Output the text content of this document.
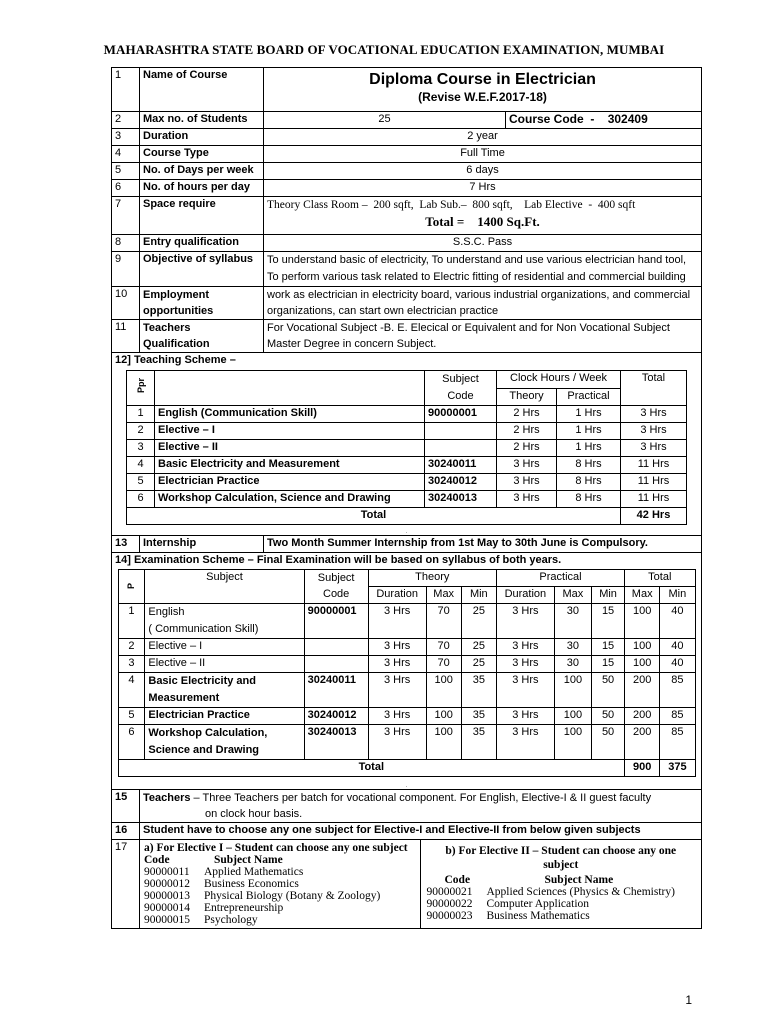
MAHARASHTRA STATE BOARD OF VOCATIONAL EDUCATION EXAMINATION, MUMBAI
1	Name of Course	Diploma Course in Electrician
(Revise W.E.F.2017-18)

2	Max no. of Students	25	Course Code - 302409
3	Duration	2 year
4	Course Type	Full Time
5	No. of Days per week	6 days
6	No. of hours per day	7 Hrs
7	Space require	Theory Class Room –  200 sqft,  Lab Sub.–  800 sqft,    Lab Elective  -  400 sqft
Total =    1400 Sq.Ft.

8	Entry qualification	S.S.C. Pass
9	Objective of syllabus	To understand basic of electricity, To understand and use various electrician hand tool, To perform various task related to Electric fitting of residential and commercial building
10	Employment opportunities	work as electrician in electricity board, various industrial organizations, and commercial organizations, can start own electrician practice
11	Teachers Qualification	For Vocational Subject -B. E. Elecical or Equivalent and for Non Vocational Subject Master Degree in concern Subject.
12] Teaching Scheme –
Ppr		Subject Code	Clock Hours / Week	Total
Theory	Practical
1	English (Communication Skill)	90000001	2 Hrs	1 Hrs	3 Hrs
2	Elective – I		2 Hrs	1 Hrs	3 Hrs
3	Elective – II		2 Hrs	1 Hrs	3 Hrs
4	Basic Electricity and Measurement	30240011	3 Hrs	8 Hrs	11 Hrs
5	Electrician Practice	30240012	3 Hrs	8 Hrs	11 Hrs
6	Workshop Calculation, Science and Drawing	30240013	3 Hrs	8 Hrs	11 Hrs
Total	42 Hrs
.

13	Internship	Two Month Summer Internship from 1st May to 30th June is Compulsory.
14] Examination Scheme – Final Examination will be based on syllabus of both years.
P	Subject	Subject Code	Theory	Practical	Total
Duration	Max	Min	Duration	Max	Min	Max	Min
1	English
( Communication Skill)
	90000001	3 Hrs	70	25	3 Hrs	30	15	100	40
2	Elective – I		3 Hrs	70	25	3 Hrs	30	15	100	40
3	Elective – II		3 Hrs	70	25	3 Hrs	30	15	100	40
4	Basic Electricity and
Measurement
	30240011	3 Hrs	100	35	3 Hrs	100	50	200	85
5	Electrician Practice	30240012	3 Hrs	100	35	3 Hrs	100	50	200	85
6	Workshop Calculation,
Science and Drawing
	30240013	3 Hrs	100	35	3 Hrs	100	50	200	85
Total	900	375
.

15	Teachers – Three Teachers per batch for vocational component. For English, Elective-I & II guest faculty
on clock hour basis.

16	Student have to choose any one subject for Elective-I and Elective-II from below given subjects
17	a) For Elective I – Student can choose any one subject
Code	Subject Name
90000011	Applied Mathematics
90000012	Business Economics
90000013	Physical Biology (Botany & Zoology)
90000014	Entrepreneurship
90000015	Psychology

b) For Elective II – Student can choose any one subject
Code	Subject Name
90000021	Applied Sciences (Physics & Chemistry)
90000022	Computer Application
90000023	Business Mathematics
1
